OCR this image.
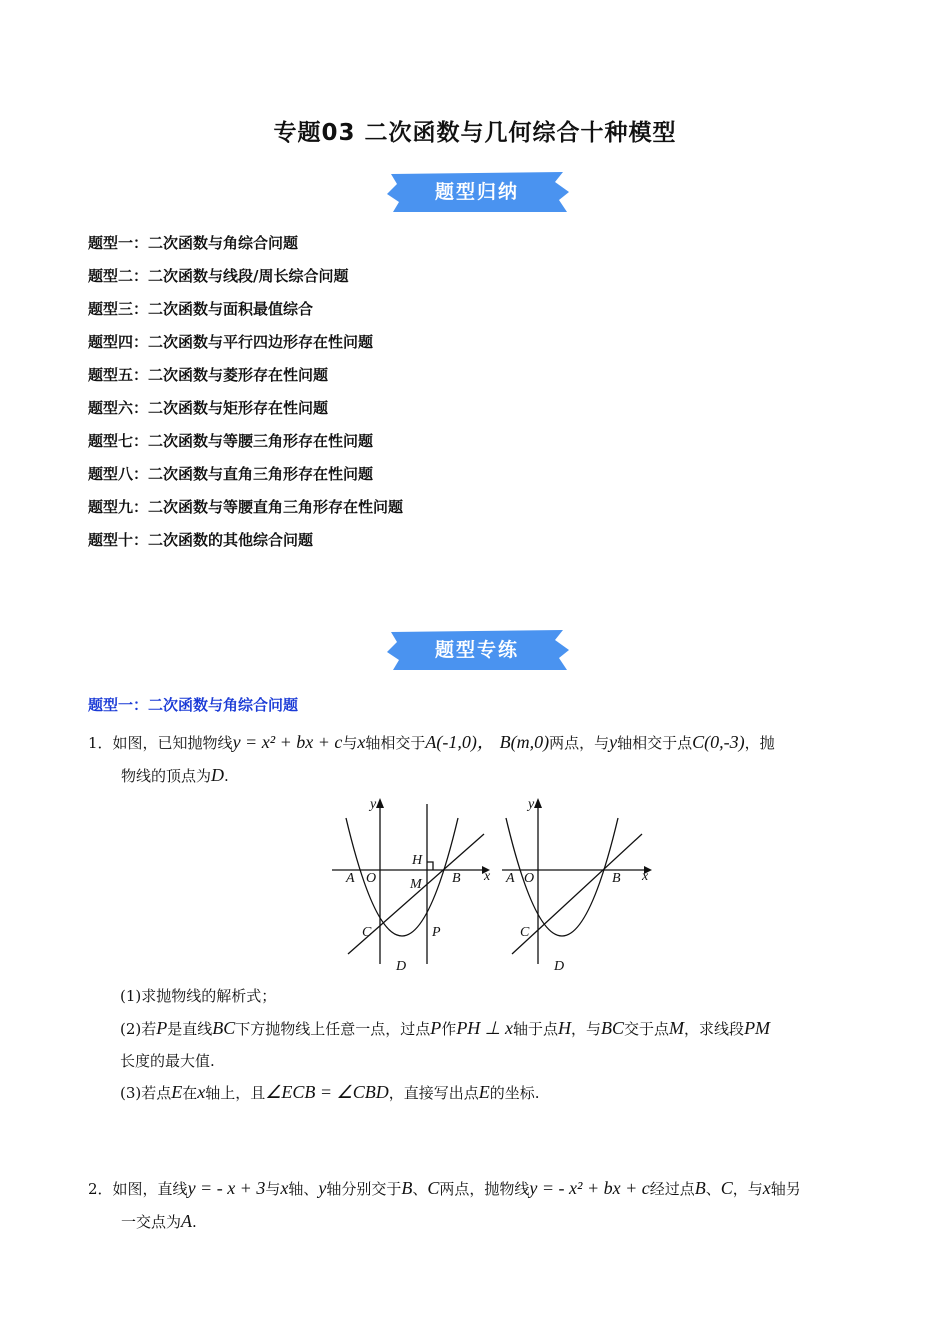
专题03 二次函数与几何综合十种模型
题型归纳
题型一：二次函数与角综合问题
题型二：二次函数与线段/周长综合问题
题型三：二次函数与面积最值综合
题型四：二次函数与平行四边形存在性问题
题型五：二次函数与菱形存在性问题
题型六：二次函数与矩形存在性问题
题型七：二次函数与等腰三角形存在性问题
题型八：二次函数与直角三角形存在性问题
题型九：二次函数与等腰直角三角形存在性问题
题型十：二次函数的其他综合问题
题型专练
题型一：二次函数与角综合问题
1．如图，已知抛物线y = x² + bx + c与x轴相交于A(-1,0)， B(m,0)两点，与y轴相交于点C(0,-3)，抛
物线的顶点为D.
y
H
M
A O	B x
C	P
D
y
A O	B x
C
D
(1)求抛物线的解析式；
(2)若P是直线BC下方抛物线上任意一点，过点P作PH ⊥ x轴于点H，与BC交于点M，求线段PM
长度的最大值.
(3)若点E在x轴上，且∠ECB = ∠CBD，直接写出点E的坐标.
2．如图，直线y = - x + 3与x轴、y轴分别交于B、C两点，抛物线y = - x² + bx + c经过点B、C，与x轴另
一交点为A.
